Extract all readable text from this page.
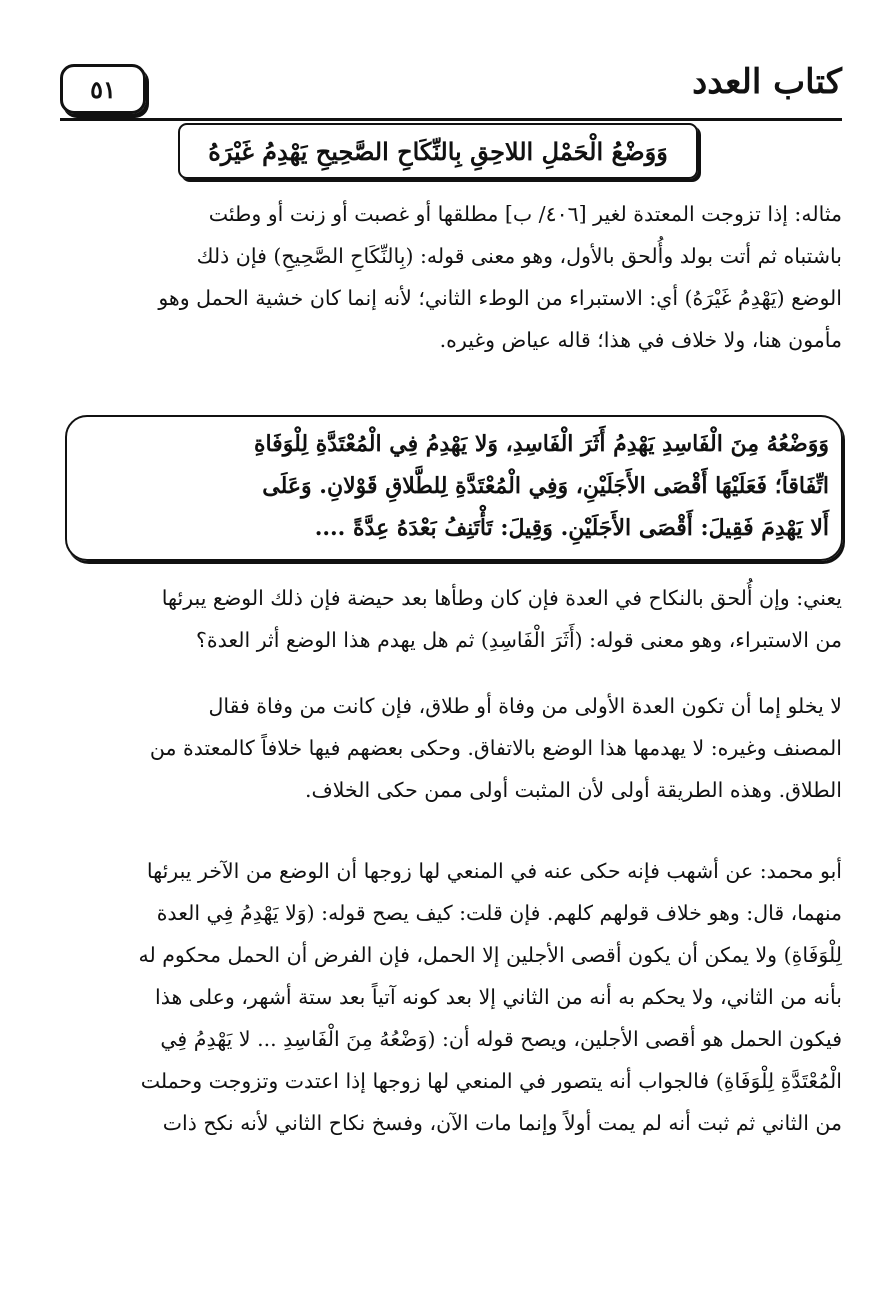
٥١	كتاب العدد
وَوَضْعُ الْحَمْلِ اللاحِقِ بِالنِّكَاحِ الصَّحِيحِ يَهْدِمُ غَيْرَهُ

مثاله: إذا تزوجت المعتدة لغير [٤٠٦/ ب] مطلقها أو غصبت أو زنت أو وطئت

باشتباه ثم أتت بولد وأُلحق بالأول، وهو معنى قوله: (بِالنِّكَاحِ الصَّحِيحِ) فإن ذلك

الوضع (يَهْدِمُ غَيْرَهُ) أي: الاستبراء من الوطء الثاني؛ لأنه إنما كان خشية الحمل وهو

مأمون هنا، ولا خلاف في هذا؛ قاله عياض وغيره.

وَوَضْعُهُ مِنَ الْفَاسِدِ يَهْدِمُ أَثَرَ الْفَاسِدِ، وَلا يَهْدِمُ فِي الْمُعْتَدَّةِ لِلْوَفَاةِ

اتِّفَاقاً؛ فَعَلَيْهَا أَقْصَى الأَجَلَيْنِ، وَفِي الْمُعْتَدَّةِ لِلطَّلاقِ قَوْلانِ. وَعَلَى

أَلا يَهْدِمَ فَقِيلَ: أَقْصَى الأَجَلَيْنِ. وَقِيلَ: تَأْتَنِفُ بَعْدَهُ عِدَّةً ....

يعني: وإن أُلحق بالنكاح في العدة فإن كان وطأها بعد حيضة فإن ذلك الوضع يبرئها

من الاستبراء، وهو معنى قوله: (أَثَرَ الْفَاسِدِ) ثم هل يهدم هذا الوضع أثر العدة؟

لا يخلو إما أن تكون العدة الأولى من وفاة أو طلاق، فإن كانت من وفاة فقال

المصنف وغيره: لا يهدمها هذا الوضع بالاتفاق. وحكى بعضهم فيها خلافاً كالمعتدة من

الطلاق. وهذه الطريقة أولى لأن المثبت أولى ممن حكى الخلاف.

أبو محمد: عن أشهب فإنه حكى عنه في المنعي لها زوجها أن الوضع من الآخر يبرئها

منهما، قال: وهو خلاف قولهم كلهم. فإن قلت: كيف يصح قوله: (وَلا يَهْدِمُ فِي العدة

لِلْوَفَاةِ) ولا يمكن أن يكون أقصى الأجلين إلا الحمل، فإن الفرض أن الحمل محكوم له

بأنه من الثاني، ولا يحكم به أنه من الثاني إلا بعد كونه آتياً بعد ستة أشهر، وعلى هذا

فيكون الحمل هو أقصى الأجلين، ويصح قوله أن: (وَضْعُهُ مِنَ الْفَاسِدِ ... لا يَهْدِمُ فِي

الْمُعْتَدَّةِ لِلْوَفَاةِ) فالجواب أنه يتصور في المنعي لها زوجها إذا اعتدت وتزوجت وحملت

من الثاني ثم ثبت أنه لم يمت أولاً وإنما مات الآن، وفسخ نكاح الثاني لأنه نكح ذات
